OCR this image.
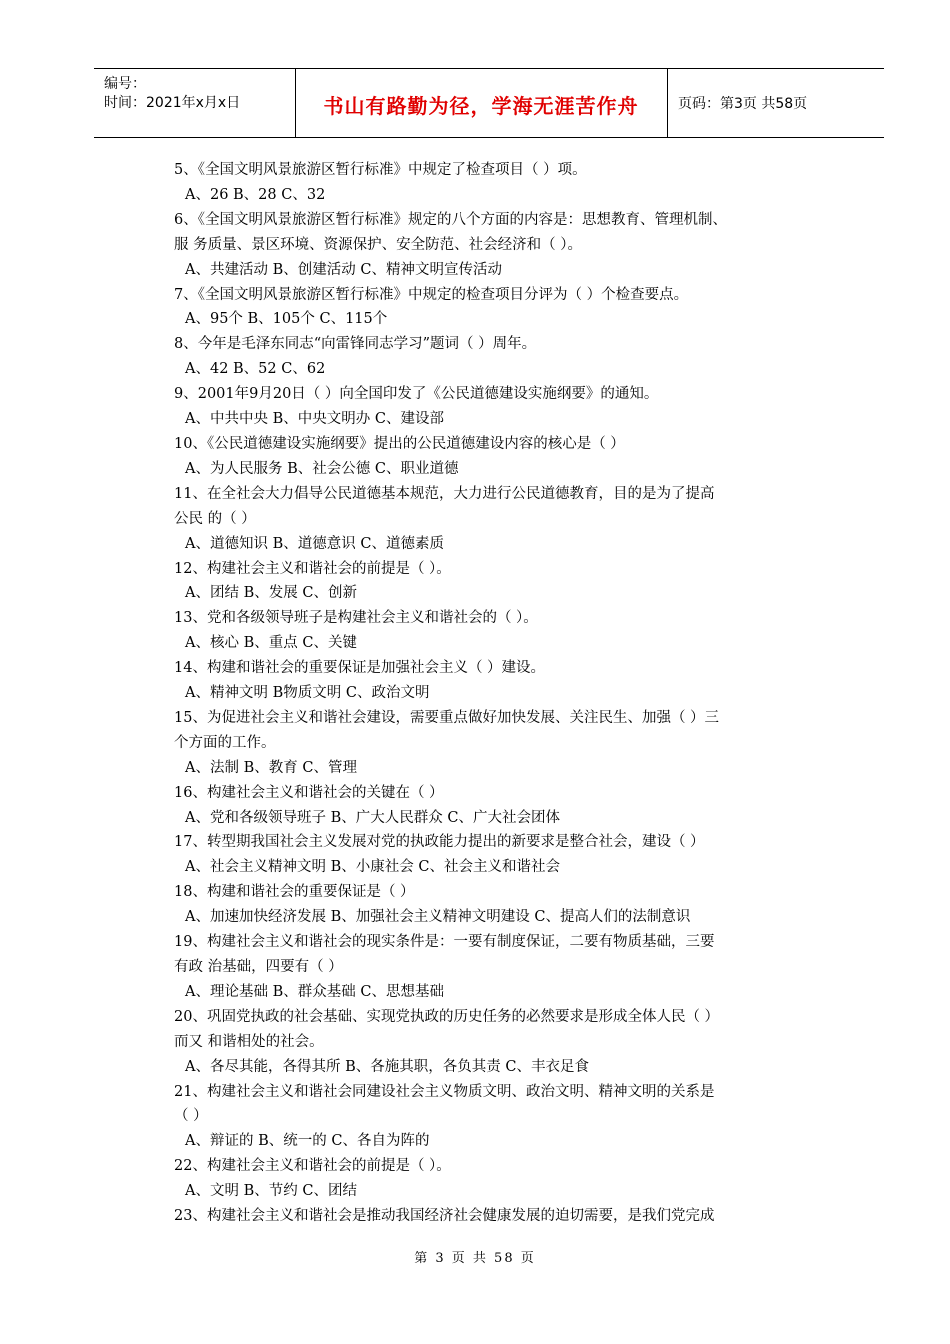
编号：
时间：2021年x月x日	书山有路勤为径，学海无涯苦作舟	页码：第3页 共58页

5、《全国文明风景旅游区暂行标准》中规定了检查项目（ ）项。

A、26 B、28 C、32

6、《全国文明风景旅游区暂行标准》规定的八个方面的内容是：思想教育、管理机制、

服 务质量、景区环境、资源保护、安全防范、社会经济和（ ）。

A、共建活动 B、创建活动 C、精神文明宣传活动

7、《全国文明风景旅游区暂行标准》中规定的检查项目分评为（ ）个检查要点。

A、95个 B、105个 C、115个

8、今年是毛泽东同志“向雷锋同志学习”题词（ ）周年。

A、42 B、52 C、62

9、2001年9月20日（ ）向全国印发了《公民道德建设实施纲要》的通知。

A、中共中央 B、中央文明办 C、建设部

10、《公民道德建设实施纲要》提出的公民道德建设内容的核心是（ ）

A、为人民服务 B、社会公德 C、职业道德

11、在全社会大力倡导公民道德基本规范，大力进行公民道德教育，目的是为了提高

公民 的（ ）

A、道德知识 B、道德意识 C、道德素质

12、构建社会主义和谐社会的前提是（ ）。

A、团结 B、发展 C、创新

13、党和各级领导班子是构建社会主义和谐社会的（ ）。

A、核心 B、重点 C、关键

14、构建和谐社会的重要保证是加强社会主义（ ）建设。

A、精神文明 B物质文明 C、政治文明

15、为促进社会主义和谐社会建设，需要重点做好加快发展、关注民生、加强（ ）三

个方面的工作。

A、法制 B、教育 C、管理

16、构建社会主义和谐社会的关键在（ ）

A、党和各级领导班子 B、广大人民群众 C、广大社会团体

17、转型期我国社会主义发展对党的执政能力提出的新要求是整合社会，建设（ ）

A、社会主义精神文明 B、小康社会 C、社会主义和谐社会

18、构建和谐社会的重要保证是（ ）

A、加速加快经济发展 B、加强社会主义精神文明建设 C、提高人们的法制意识

19、构建社会主义和谐社会的现实条件是：一要有制度保证，二要有物质基础，三要

有政 治基础，四要有（ ）

A、理论基础 B、群众基础 C、思想基础

20、巩固党执政的社会基础、实现党执政的历史任务的必然要求是形成全体人民（ ）

而又 和谐相处的社会。

A、各尽其能，各得其所 B、各施其职，各负其责 C、丰衣足食

21、构建社会主义和谐社会同建设社会主义物质文明、政治文明、精神文明的关系是

（ ）

A、辩证的 B、统一的 C、各自为阵的

22、构建社会主义和谐社会的前提是（ ）。

A、文明 B、节约 C、团结

23、构建社会主义和谐社会是推动我国经济社会健康发展的迫切需要，是我们党完成

第 3 页 共 58 页
